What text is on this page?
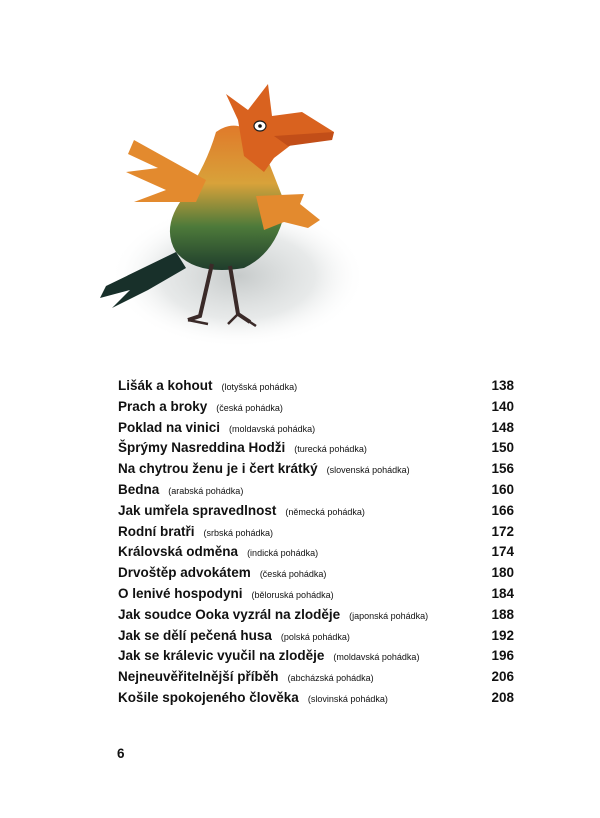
Lišák a kohout (lotyšská pohádka)	138
Prach a broky (česká pohádka)	140
Poklad na vinici (moldavská pohádka)	148
Šprýmy Nasreddina Hodži (turecká pohádka)	150
Na chytrou ženu je i čert krátký (slovenská pohádka)	156
Bedna (arabská pohádka)	160
Jak umřela spravedlnost (německá pohádka)	166
Rodní bratři (srbská pohádka)	172
Královská odměna (indická pohádka)	174
Drvoštěp advokátem (česká pohádka)	180
O lenivé hospodyni (běloruská pohádka)	184
Jak soudce Ooka vyzrál na zloděje (japonská pohádka)	188
Jak se dělí pečená husa (polská pohádka)	192
Jak se králevic vyučil na zloděje (moldavská pohádka)	196
Nejneuvěřitelnější příběh (abcházská pohádka)	206
Košile spokojeného člověka (slovinská pohádka)	208
6
